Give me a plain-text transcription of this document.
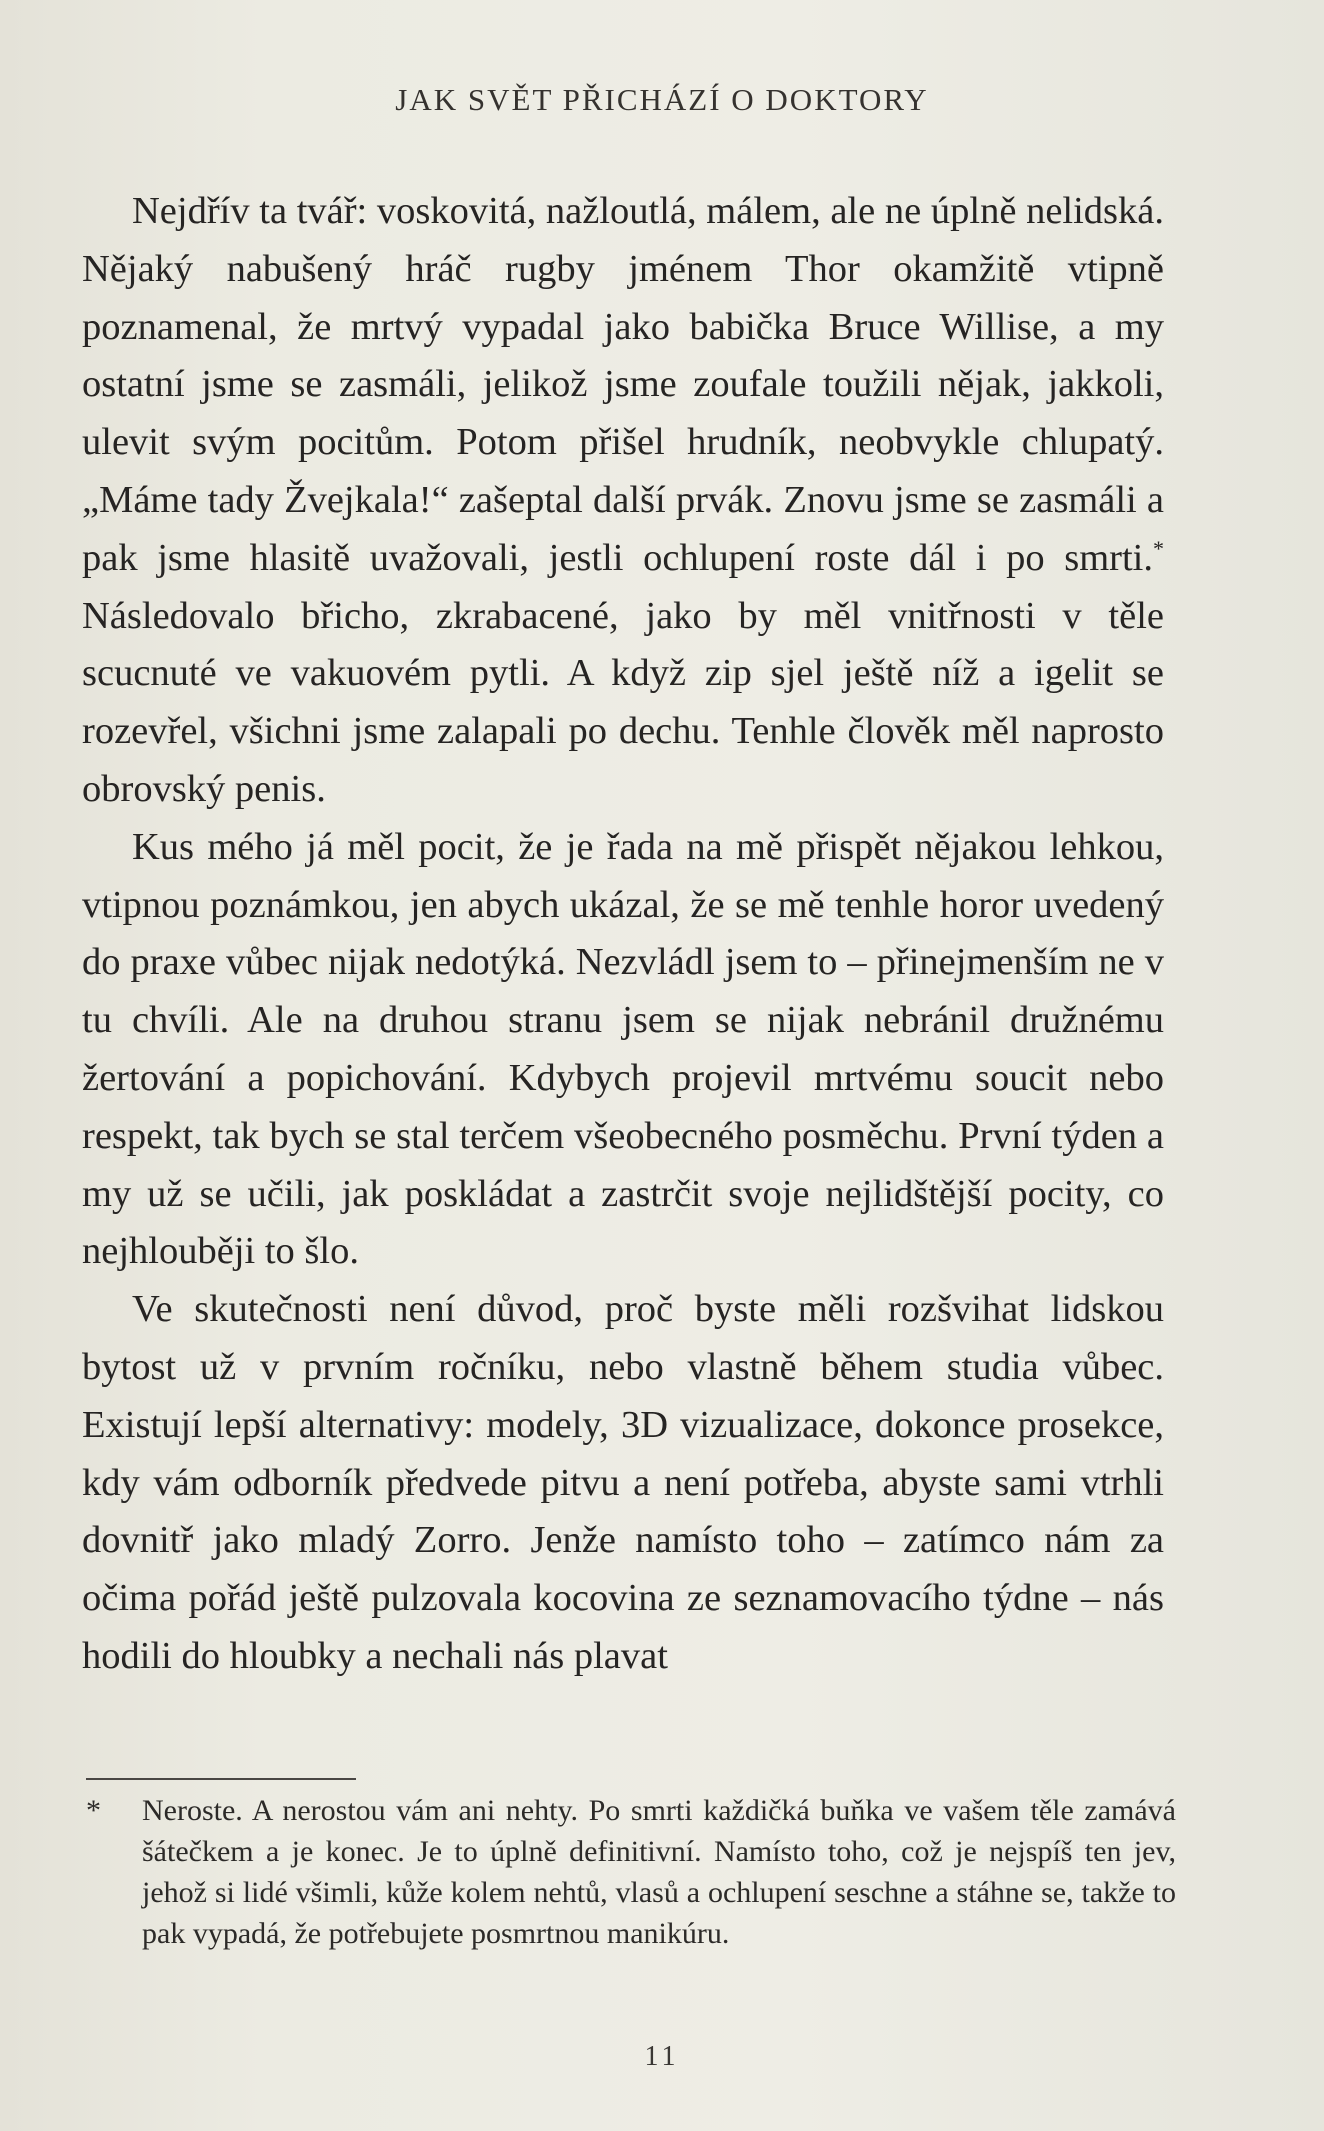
JAK SVĚT PŘICHÁZÍ O DOKTORY

Nejdřív ta tvář: voskovitá, nažloutlá, málem, ale ne úplně nelidská. Nějaký nabušený hráč rugby jménem Thor okamžitě vtipně poznamenal, že mrtvý vypadal jako babička Bruce Willise, a my ostatní jsme se zasmáli, jelikož jsme zoufale toužili nějak, jakkoli, ulevit svým pocitům. Potom přišel hrudník, neobvykle chlupatý. „Máme tady Žvejkala!“ zašeptal další prvák. Znovu jsme se zasmáli a pak jsme hlasitě uvažovali, jestli ochlupení roste dál i po smrti.* Následovalo břicho, zkrabacené, jako by měl vnitřnosti v těle scucnuté ve vakuovém pytli. A když zip sjel ještě níž a igelit se rozevřel, všichni jsme zalapali po dechu. Tenhle člověk měl naprosto obrovský penis.

Kus mého já měl pocit, že je řada na mě přispět nějakou lehkou, vtipnou poznámkou, jen abych ukázal, že se mě tenhle horor uvedený do praxe vůbec nijak nedotýká. Nezvládl jsem to – přinejmenším ne v tu chvíli. Ale na druhou stranu jsem se nijak nebránil družnému žertování a popichování. Kdybych projevil mrtvému soucit nebo respekt, tak bych se stal terčem všeobecného posměchu. První týden a my už se učili, jak poskládat a zastrčit svoje nejlidštější pocity, co nejhlouběji to šlo.

Ve skutečnosti není důvod, proč byste měli rozšvihat lidskou bytost už v prvním ročníku, nebo vlastně během studia vůbec. Existují lepší alternativy: modely, 3D vizualizace, dokonce prosekce, kdy vám odborník předvede pitvu a není potřeba, abyste sami vtrhli dovnitř jako mladý Zorro. Jenže namísto toho – zatímco nám za očima pořád ještě pulzovala kocovina ze seznamovacího týdne – nás hodili do hloubky a nechali nás plavat

*	Neroste. A nerostou vám ani nehty. Po smrti každičká buňka ve vašem těle zamává šátečkem a je konec. Je to úplně definitivní. Namísto toho, což je nejspíš ten jev, jehož si lidé všimli, kůže kolem nehtů, vlasů a ochlupení seschne a stáhne se, takže to pak vypadá, že potřebujete posmrtnou manikúru.
11
